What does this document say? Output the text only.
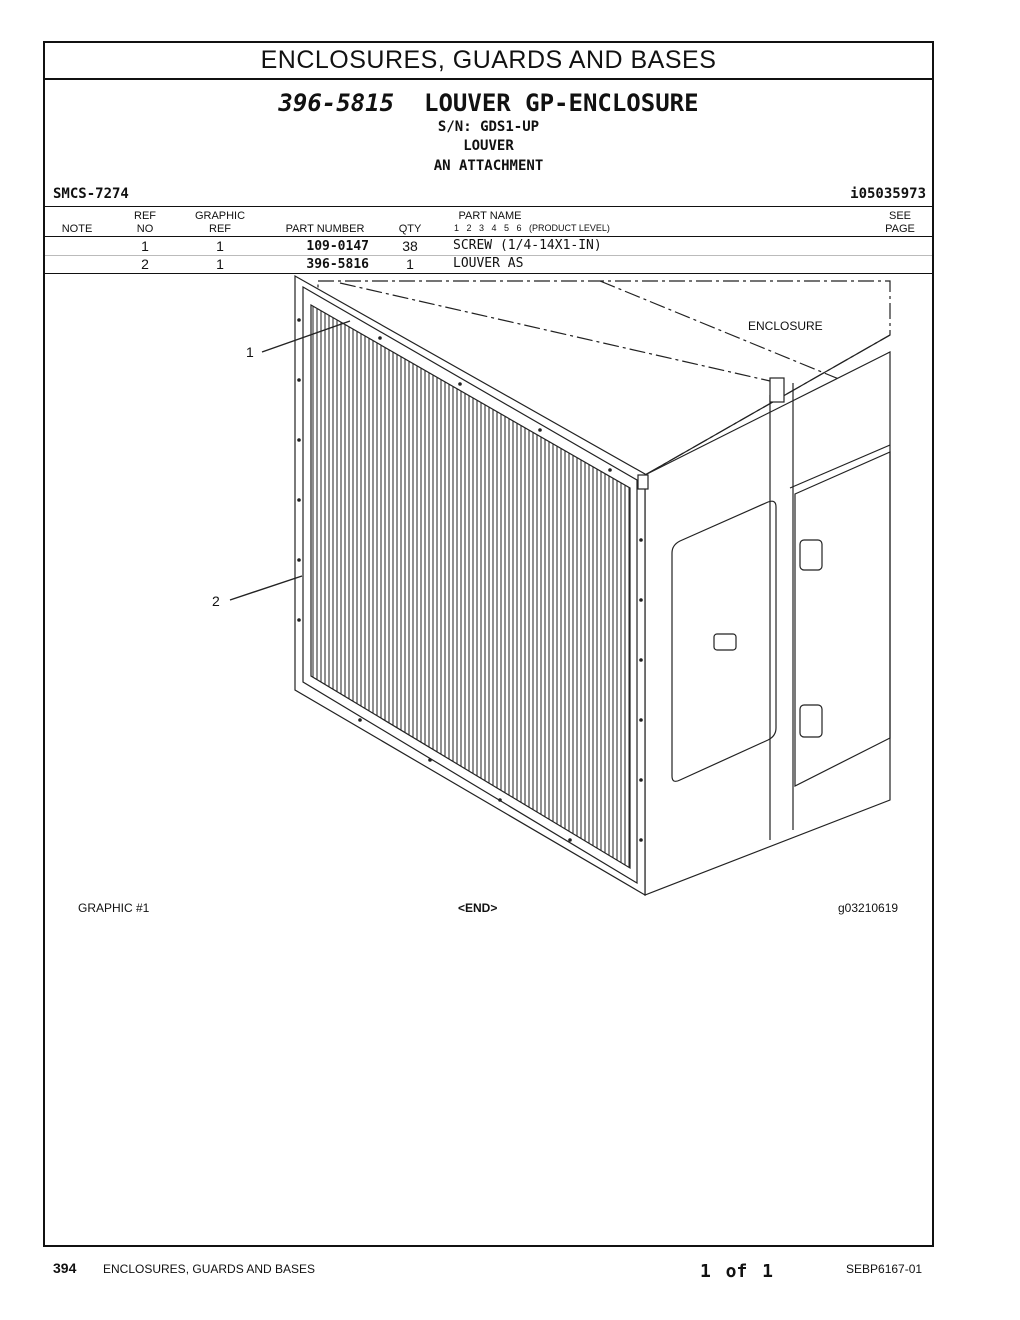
ENCLOSURES, GUARDS AND BASES
396-5815 LOUVER GP-ENCLOSURE
S/N: GDS1-UP
LOUVER
AN ATTACHMENT
SMCS-7274	i05035973
NOTE
REF
NO
GRAPHIC
REF	PART NUMBER	QTY
PART NAME
1   2   3   4   5   6   (PRODUCT LEVEL)
SEE
PAGE
1	1	109-0147	38	SCREW (1/4-14X1-IN)
2	1	396-5816	1	LOUVER AS
1
2
ENCLOSURE
GRAPHIC #1	<END>	g03210619
394 ENCLOSURES, GUARDS AND BASES	1 of 1	SEBP6167-01
